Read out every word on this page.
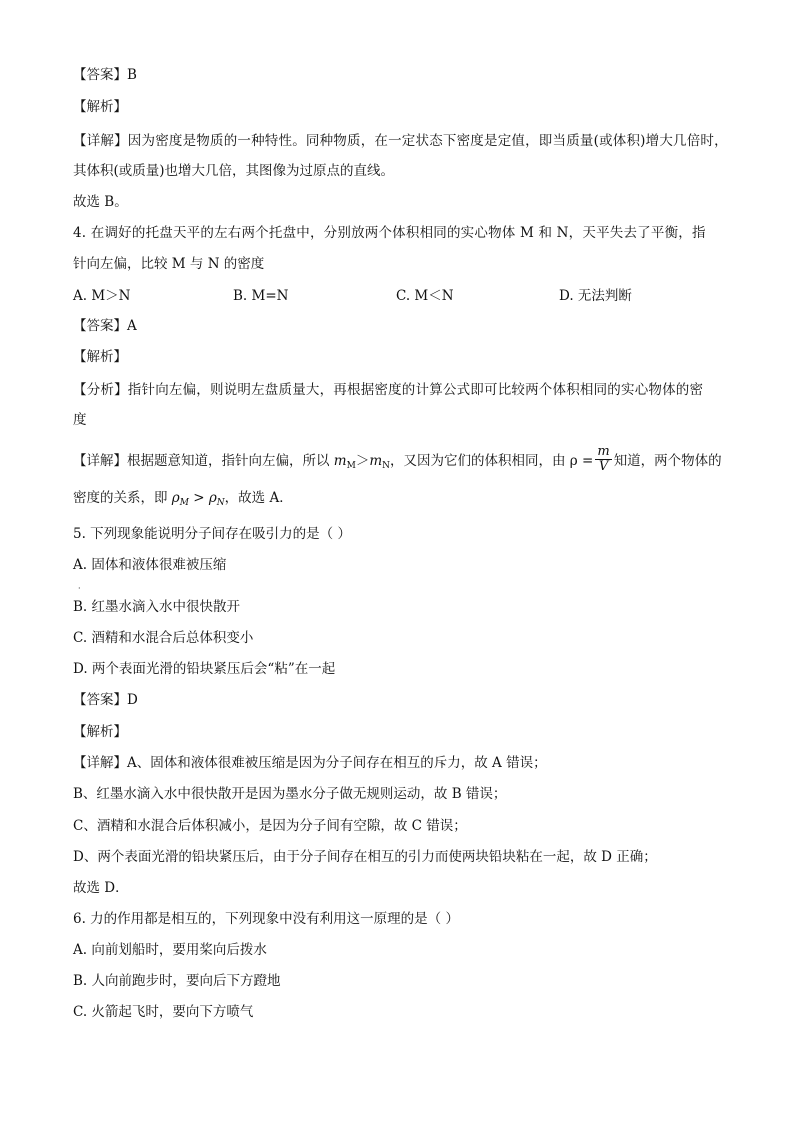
【答案】B
【解析】
【详解】因为密度是物质的一种特性。同种物质，在一定状态下密度是定值，即当质量(或体积)增大几倍时，
其体积(或质量)也增大几倍，其图像为过原点的直线。
故选 B。
4. 在调好的托盘天平的左右两个托盘中，分别放两个体积相同的实心物体 M 和 N，天平失去了平衡，指
针向左偏，比较 M 与 N 的密度
A. M＞N	B. M=N	C. M＜N	D. 无法判断
【答案】A
【解析】
【分析】指针向左偏，则说明左盘质量大，再根据密度的计算公式即可比较两个体积相同的实心物体的密
度
【详解】根据题意知道，指针向左偏，所以 $m_M>m_N$，又因为它们的体积相同，由 $\rho = \frac{m}{V}$ 知道，两个物体的
密度的关系，即 $\rho_M > \rho_N$，故选 A．
5. 下列现象能说明分子间存在吸引力的是（ ）
A. 固体和液体很难被压缩
·
B. 红墨水滴入水中很快散开
C. 酒精和水混合后总体积变小
D. 两个表面光滑的铅块紧压后会“粘”在一起
【答案】D
【解析】
【详解】A、固体和液体很难被压缩是因为分子间存在相互的斥力，故 A 错误；
B、红墨水滴入水中很快散开是因为墨水分子做无规则运动，故 B 错误；
C、酒精和水混合后体积减小，是因为分子间有空隙，故 C 错误；
D、两个表面光滑的铅块紧压后，由于分子间存在相互的引力而使两块铅块粘在一起，故 D 正确；
故选 D．
6. 力的作用都是相互的，下列现象中没有利用这一原理的是（ ）
A. 向前划船时，要用桨向后拨水
B. 人向前跑步时，要向后下方蹬地
C. 火箭起飞时，要向下方喷气
